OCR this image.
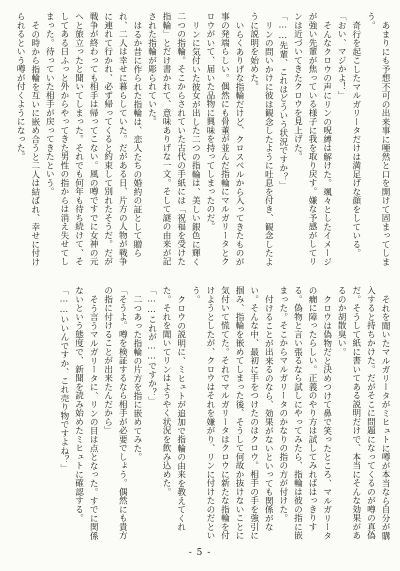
あまりにも予想不可の出来事に唖然と口を開けて固まってしまう。

奇行を起こしたマルガリータだけは満足げな顔をしている。

「おい、マジかよ！」

そんなクロウの声にリンの呪縛は解けた。颯々としたイメージが強い先輩が焦っている様子に我を取り戻す。嫌な予感がしてリンは近づいてきたクロウを見上げた。

「……先輩、これはどういう状況ですか？」

リンの問いかけに彼は観念したように吐息を付き、観念したように説明を始めた。

いらくありげな指輪だけど、クロスベルから入ってきたものが事の発端らしい。偶然にも骨董が並んだ指輪にマルガリータとクロウがいて、届いた品物に興味を持ってしまったのだ。

リンに気付いた彼女が出した二つの指輪は、美しい銀色に輝く二つの指輪。そこからされていた古代の手紙には「祝福を受けた指輪」とだけ書かれて、意味ありげな一文。そして謎の由来が記された指輪が彫られていた。

はるか昔に作られた指輪は、恋人たちの婚約の証として贈られ、二人は幸せに暮らしていた。だがある日、片方の人物が戦争に連れて行かれ、必ず帰ってくると約束して別れたそうだ。だが戦争が終わっても相手は帰ってこない。風の噂ですでに女神の元へと旅立ったと聞いてしまった。それでも何年も待ち続けて、そしてある日ふっと外からやってきた男性の指からは消え失せてしまった。待っていた相手が戻ってきたという。

その時から指輪を互いに嵌め合うと二人は結ばれ、幸せに付けられるという噂が付くようになった。

それを聞いたマルガリータがミヒュトに噂が本当なら自分が購入すると持ちかけた。だがそこに問題になってくるのが噂の真偽だ。そうして紙に書いてある説明だけで、本当にそんな効果があるのか胡散臭い。

クロウは偽物だと決めつけて鼻で笑ったところ、マルガリータの癇に障ったらしい。正義のやり方は試してみればはっきりする。偽物と言い張るなら試しにやってみたら、指輪は彼の指に嵌まった。そこからマルガリータのかなりの指の方が付けた。

付けることが出来るのなら、効果がないといっても関係がない。そんな中、最初に手をつけたのはクロウ。相手の手を強引に掴み、指輪を嵌めてしまった後、そうして何故か抜けないことに気付いて慌てた。それでマルガリータはクロウに新たな指輪を付けようとしたが、クロウはそれを嫌がり、リンに付けたのだという。

クロウの説明に、ミヒュトが追加で指輪の由来を教えてくれた。それを聞いてリンはようやく状況を飲み込めた。

「……これが……ですか？」

二つあった指輪の片方を指に嵌めてみた。

「そうよ。噂を検証するなら相手が必要でしょう。偶然にも貴方の指に付けることが出来たんだから」

そう言うマルガリータに、リンの目は点となった。すでに関係ないという態度で、新聞を読み始めたミヒュトに確認する。

「……いいんですか、これ売り物ですよね？」

- 5 -
